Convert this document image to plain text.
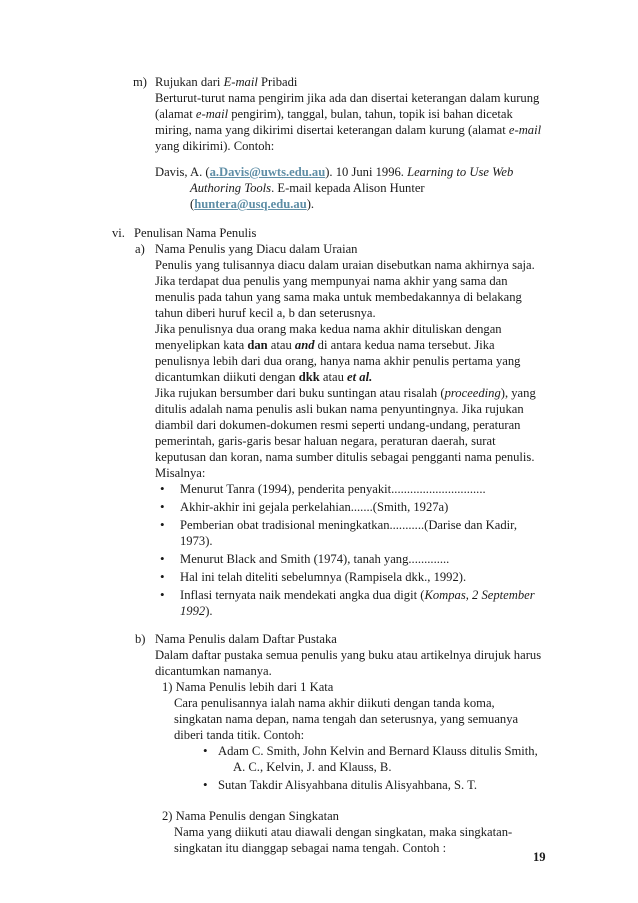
m) Rujukan dari E-mail Pribadi
Berturut-turut nama pengirim jika ada dan disertai keterangan dalam kurung
(alamat e-mail pengirim), tanggal, bulan, tahun, topik isi bahan dicetak
miring, nama yang dikirimi disertai keterangan dalam kurung (alamat e-mail
yang dikirimi). Contoh:
Davis, A. (a.Davis@uwts.edu.au). 10 Juni 1996. Learning to Use Web
Authoring Tools. E-mail kepada Alison Hunter
(huntera@usq.edu.au).
vi. Penulisan Nama Penulis
a) Nama Penulis yang Diacu dalam Uraian
Penulis yang tulisannya diacu dalam uraian disebutkan nama akhirnya saja.
Jika terdapat dua penulis yang mempunyai nama akhir yang sama dan
menulis pada tahun yang sama maka untuk membedakannya di belakang
tahun diberi huruf kecil a, b dan seterusnya.
Jika penulisnya dua orang maka kedua nama akhir dituliskan dengan
menyelipkan kata dan atau and di antara kedua nama tersebut. Jika
penulisnya lebih dari dua orang, hanya nama akhir penulis pertama yang
dicantumkan diikuti dengan dkk atau et al.
Jika rujukan bersumber dari buku suntingan atau risalah (proceeding), yang
ditulis adalah nama penulis asli bukan nama penyuntingnya. Jika rujukan
diambil dari dokumen-dokumen resmi seperti undang-undang, peraturan
pemerintah, garis-garis besar haluan negara, peraturan daerah, surat
keputusan dan koran, nama sumber ditulis sebagai pengganti nama penulis.
Misalnya:
• Menurut Tanra (1994), penderita penyakit..............................
• Akhir-akhir ini gejala perkelahian.......(Smith, 1927a)
• Pemberian obat tradisional meningkatkan...........(Darise dan Kadir,
1973).
• Menurut Black and Smith (1974), tanah yang.............
• Hal ini telah diteliti sebelumnya (Rampisela dkk., 1992).
• Inflasi ternyata naik mendekati angka dua digit (Kompas, 2 September
1992).
b) Nama Penulis dalam Daftar Pustaka
Dalam daftar pustaka semua penulis yang buku atau artikelnya dirujuk harus
dicantumkan namanya.
1) Nama Penulis lebih dari 1 Kata
Cara penulisannya ialah nama akhir diikuti dengan tanda koma,
singkatan nama depan, nama tengah dan seterusnya, yang semuanya
diberi tanda titik. Contoh:
• Adam C. Smith, John Kelvin and Bernard Klauss ditulis Smith,
A. C., Kelvin, J. and Klauss, B.
• Sutan Takdir Alisyahbana ditulis Alisyahbana, S. T.
2) Nama Penulis dengan Singkatan
Nama yang diikuti atau diawali dengan singkatan, maka singkatan-
singkatan itu dianggap sebagai nama tengah. Contoh :
19
